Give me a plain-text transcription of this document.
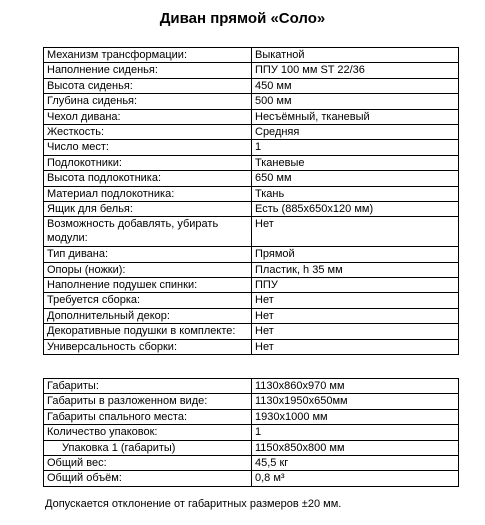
Диван прямой «Соло»
Механизм трансформации:	Выкатной
Наполнение сиденья:	ППУ 100 мм ST 22/36
Высота сиденья:	450 мм
Глубина сиденья:	500 мм
Чехол дивана:	Несъёмный, тканевый
Жесткость:	Средняя
Число мест:	1
Подлокотники:	Тканевые
Высота подлокотника:	650 мм
Материал подлокотника:	Ткань
Ящик для белья:	Есть (885х650х120 мм)
Возможность добавлять, убирать модули:	Нет
Тип дивана:	Прямой
Опоры (ножки):	Пластик, h 35 мм
Наполнение подушек спинки:	ППУ
Требуется сборка:	Нет
Дополнительный декор:	Нет
Декоративные подушки в комплекте:	Нет
Универсальность сборки:	Нет
Габариты:	1130х860х970 мм
Габариты в разложенном виде:	1130х1950х650мм
Габариты спального места:	1930х1000 мм
Количество упаковок:	1
Упаковка 1 (габариты)	1150х850х800 мм
Общий вес:	45,5 кг
Общий объём:	0,8 м³
Допускается отклонение от габаритных размеров ±20 мм.
